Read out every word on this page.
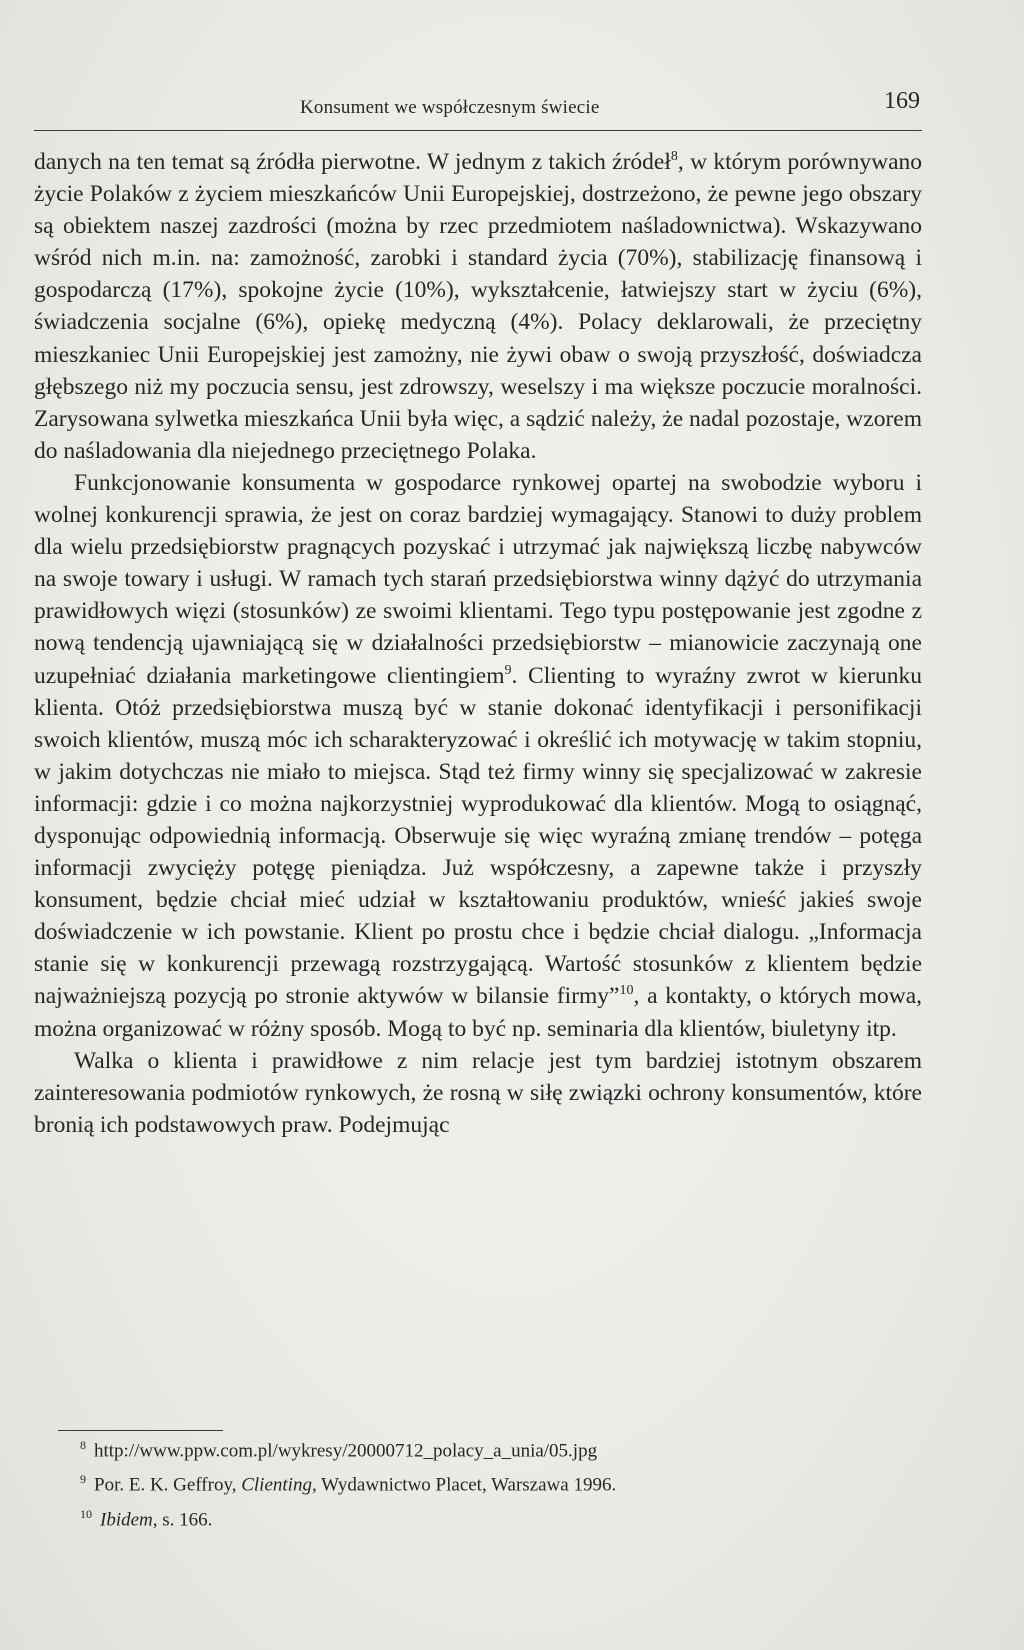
Konsument we współczesnym świecie	169

danych na ten temat są źródła pierwotne. W jednym z takich źródeł$^8$, w którym porównywano życie Polaków z życiem mieszkańców Unii Europejskiej, dostrzeżono, że pewne jego obszary są obiektem naszej zazdrości (można by rzec przedmiotem naśladownictwa). Wskazywano wśród nich m.in. na: zamożność, zarobki i standard życia (70%), stabilizację finansową i gospodarczą (17%), spokojne życie (10%), wykształcenie, łatwiejszy start w życiu (6%), świadczenia socjalne (6%), opiekę medyczną (4%). Polacy deklarowali, że przeciętny mieszkaniec Unii Europejskiej jest zamożny, nie żywi obaw o swoją przyszłość, doświadcza głębszego niż my poczucia sensu, jest zdrowszy, weselszy i ma większe poczucie moralności. Zarysowana sylwetka mieszkańca Unii była więc, a sądzić należy, że nadal pozostaje, wzorem do naśladowania dla niejednego przeciętnego Polaka.

Funkcjonowanie konsumenta w gospodarce rynkowej opartej na swobodzie wyboru i wolnej konkurencji sprawia, że jest on coraz bardziej wymagający. Stanowi to duży problem dla wielu przedsiębiorstw pragnących pozyskać i utrzymać jak największą liczbę nabywców na swoje towary i usługi. W ramach tych starań przedsiębiorstwa winny dążyć do utrzymania prawidłowych więzi (stosunków) ze swoimi klientami. Tego typu postępowanie jest zgodne z nową tendencją ujawniającą się w działalności przedsiębiorstw – mianowicie zaczynają one uzupełniać działania marketingowe clientingiem$^9$. Clienting to wyraźny zwrot w kierunku klienta. Otóż przedsiębiorstwa muszą być w stanie dokonać identyfikacji i personifikacji swoich klientów, muszą móc ich scharakteryzować i określić ich motywację w takim stopniu, w jakim dotychczas nie miało to miejsca. Stąd też firmy winny się specjalizować w zakresie informacji: gdzie i co można najkorzystniej wyprodukować dla klientów. Mogą to osiągnąć, dysponując odpowiednią informacją. Obserwuje się więc wyraźną zmianę trendów – potęga informacji zwycięży potęgę pieniądza. Już współczesny, a zapewne także i przyszły konsument, będzie chciał mieć udział w kształtowaniu produktów, wnieść jakieś swoje doświadczenie w ich powstanie. Klient po prostu chce i będzie chciał dialogu. „Informacja stanie się w konkurencji przewagą rozstrzygającą. Wartość stosunków z klientem będzie najważniejszą pozycją po stronie aktywów w bilansie firmy”$^{10}$, a kontakty, o których mowa, można organizować w różny sposób. Mogą to być np. seminaria dla klientów, biuletyny itp.

Walka o klienta i prawidłowe z nim relacje jest tym bardziej istotnym obszarem zainteresowania podmiotów rynkowych, że rosną w siłę związki ochrony konsumentów, które bronią ich podstawowych praw. Podejmując

$^8$ http://www.ppw.com.pl/wykresy/20000712_polacy_a_unia/05.jpg
$^9$ Por. E. K. Geffroy, Clienting, Wydawnictwo Placet, Warszawa 1996.
$^{10}$ Ibidem, s. 166.
